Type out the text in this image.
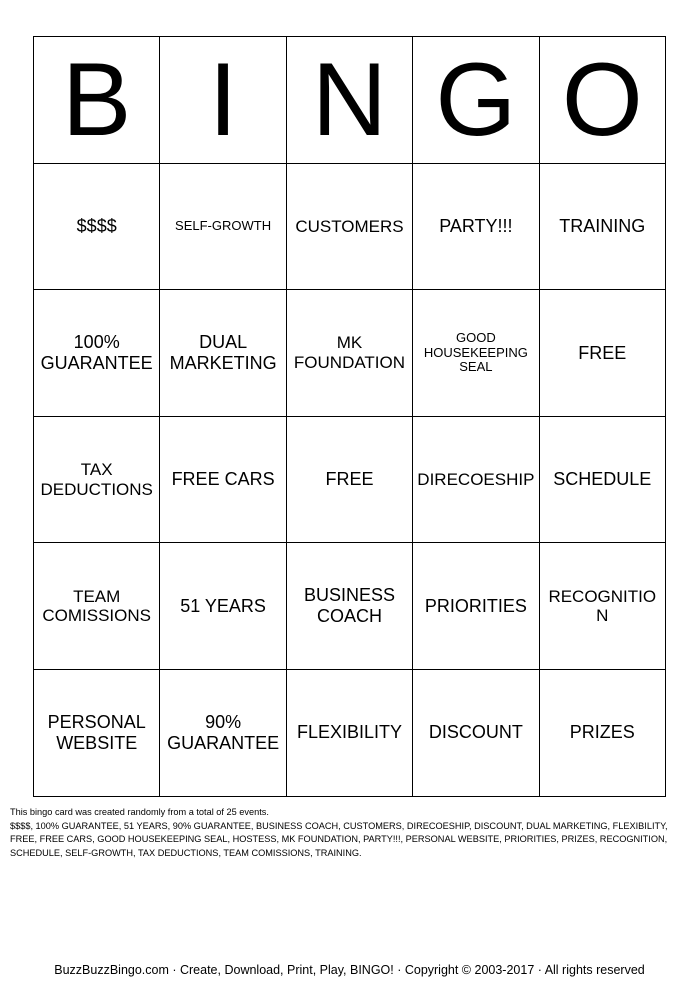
B	I	N	G	O
$$$$	SELF-GROWTH	CUSTOMERS	PARTY!!!	TRAINING
100% GUARANTEE	DUAL MARKETING	MK FOUNDATION	GOOD HOUSEKEEPING SEAL	FREE
TAX DEDUCTIONS	FREE CARS	FREE	DIRECOESHIP	SCHEDULE
TEAM COMISSIONS	51 YEARS	BUSINESS COACH	PRIORITIES	RECOGNITION
PERSONAL WEBSITE	90% GUARANTEE	FLEXIBILITY	DISCOUNT	PRIZES
This bingo card was created randomly from a total of 25 events.
$$$$, 100% GUARANTEE, 51 YEARS, 90% GUARANTEE, BUSINESS COACH, CUSTOMERS, DIRECOESHIP, DISCOUNT, DUAL MARKETING, FLEXIBILITY, FREE, FREE CARS, GOOD HOUSEKEEPING SEAL, HOSTESS, MK FOUNDATION, PARTY!!!, PERSONAL WEBSITE, PRIORITIES, PRIZES, RECOGNITION, SCHEDULE, SELF-GROWTH, TAX DEDUCTIONS, TEAM COMISSIONS, TRAINING.
BuzzBuzzBingo.com · Create, Download, Print, Play, BINGO! · Copyright © 2003-2017 · All rights reserved
